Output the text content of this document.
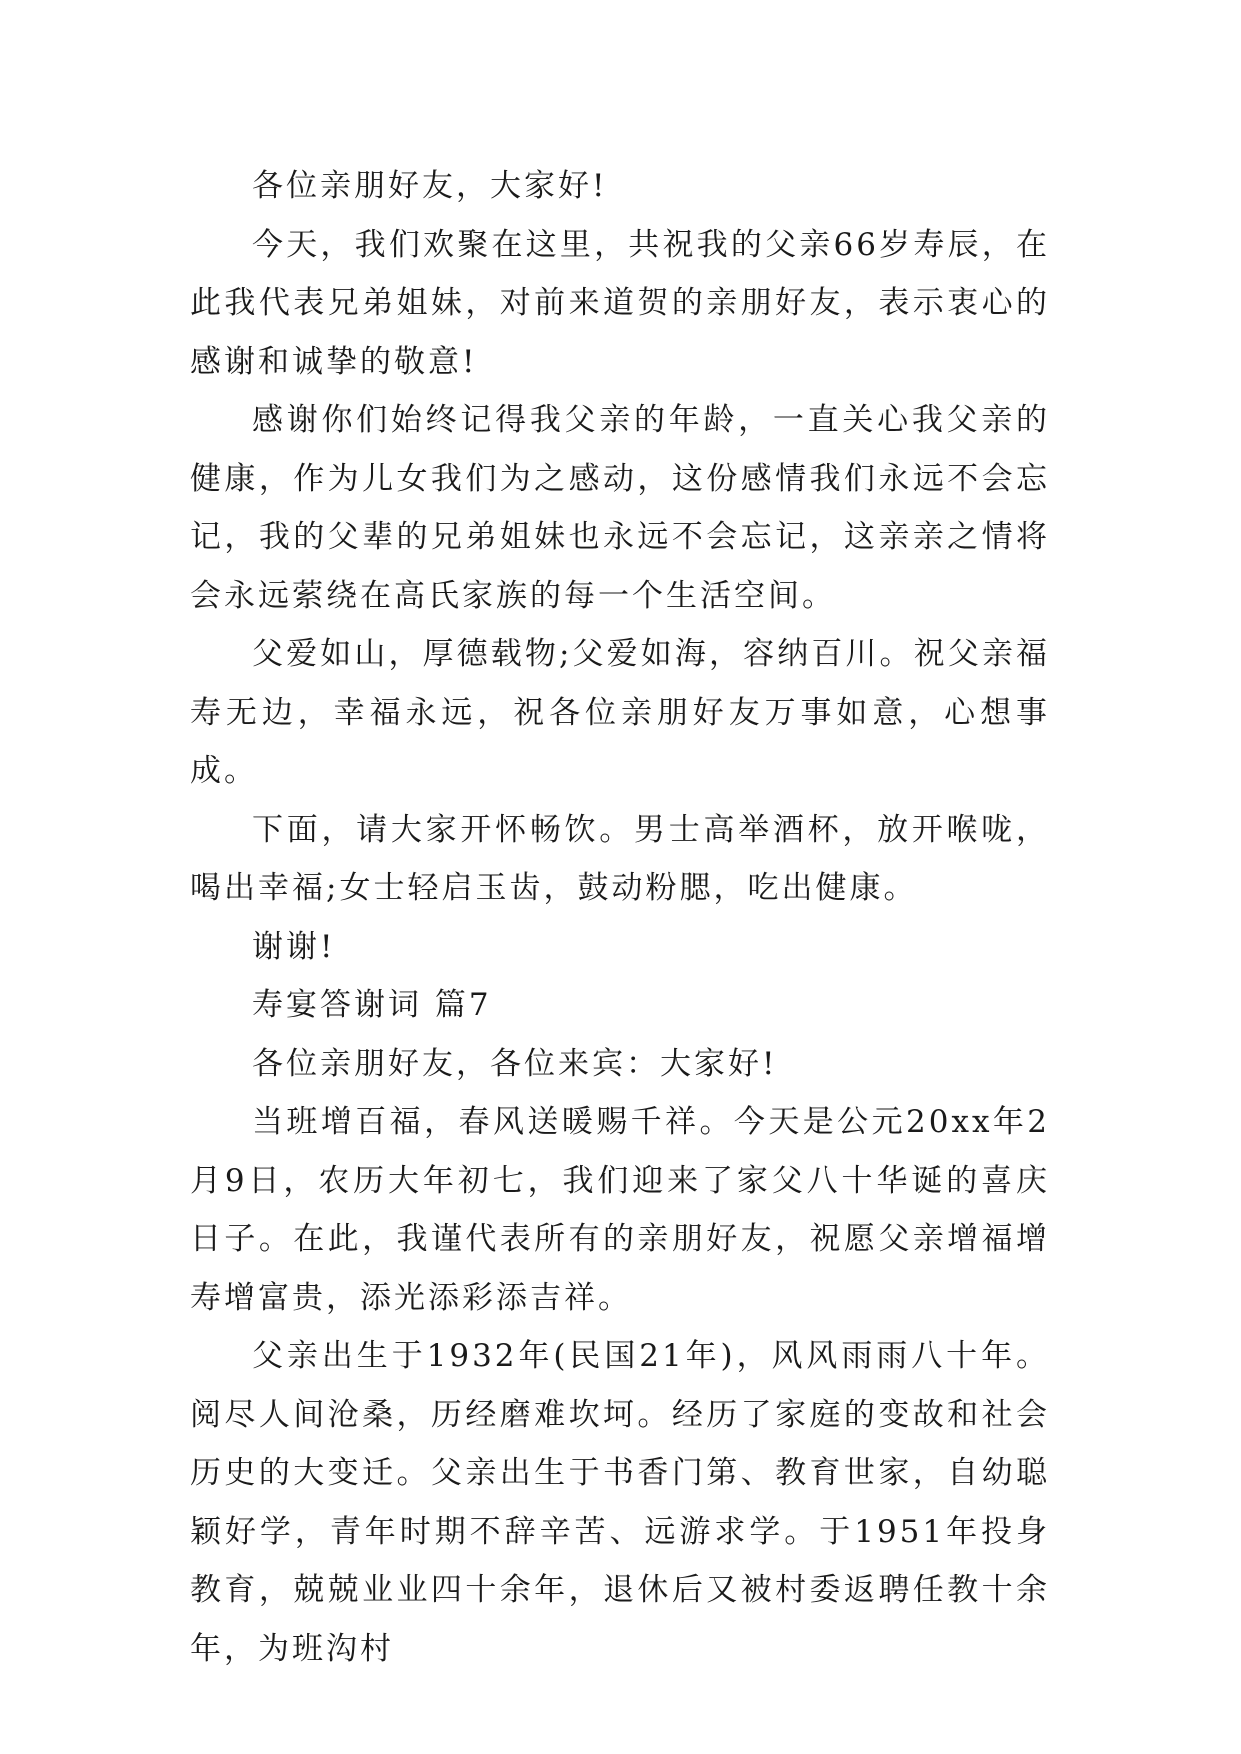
各位亲朋好友，大家好!

今天，我们欢聚在这里，共祝我的父亲66岁寿辰，在此我代表兄弟姐妹，对前来道贺的亲朋好友，表示衷心的感谢和诚挚的敬意!

感谢你们始终记得我父亲的年龄，一直关心我父亲的健康，作为儿女我们为之感动，这份感情我们永远不会忘记，我的父辈的兄弟姐妹也永远不会忘记，这亲亲之情将会永远萦绕在高氏家族的每一个生活空间。

父爱如山，厚德载物;父爱如海，容纳百川。祝父亲福寿无边，幸福永远，祝各位亲朋好友万事如意，心想事成。

下面，请大家开怀畅饮。男士高举酒杯，放开喉咙，喝出幸福;女士轻启玉齿，鼓动粉腮，吃出健康。

谢谢!

寿宴答谢词 篇7

各位亲朋好友，各位来宾：大家好!

当班增百福，春风送暖赐千祥。今天是公元20xx年2月9日，农历大年初七，我们迎来了家父八十华诞的喜庆日子。在此，我谨代表所有的亲朋好友，祝愿父亲增福增寿增富贵，添光添彩添吉祥。

父亲出生于1932年(民国21年)，风风雨雨八十年。阅尽人间沧桑，历经磨难坎坷。经历了家庭的变故和社会历史的大变迁。父亲出生于书香门第、教育世家，自幼聪颖好学，青年时期不辞辛苦、远游求学。于1951年投身教育，兢兢业业四十余年，退休后又被村委返聘任教十余年，为班沟村
